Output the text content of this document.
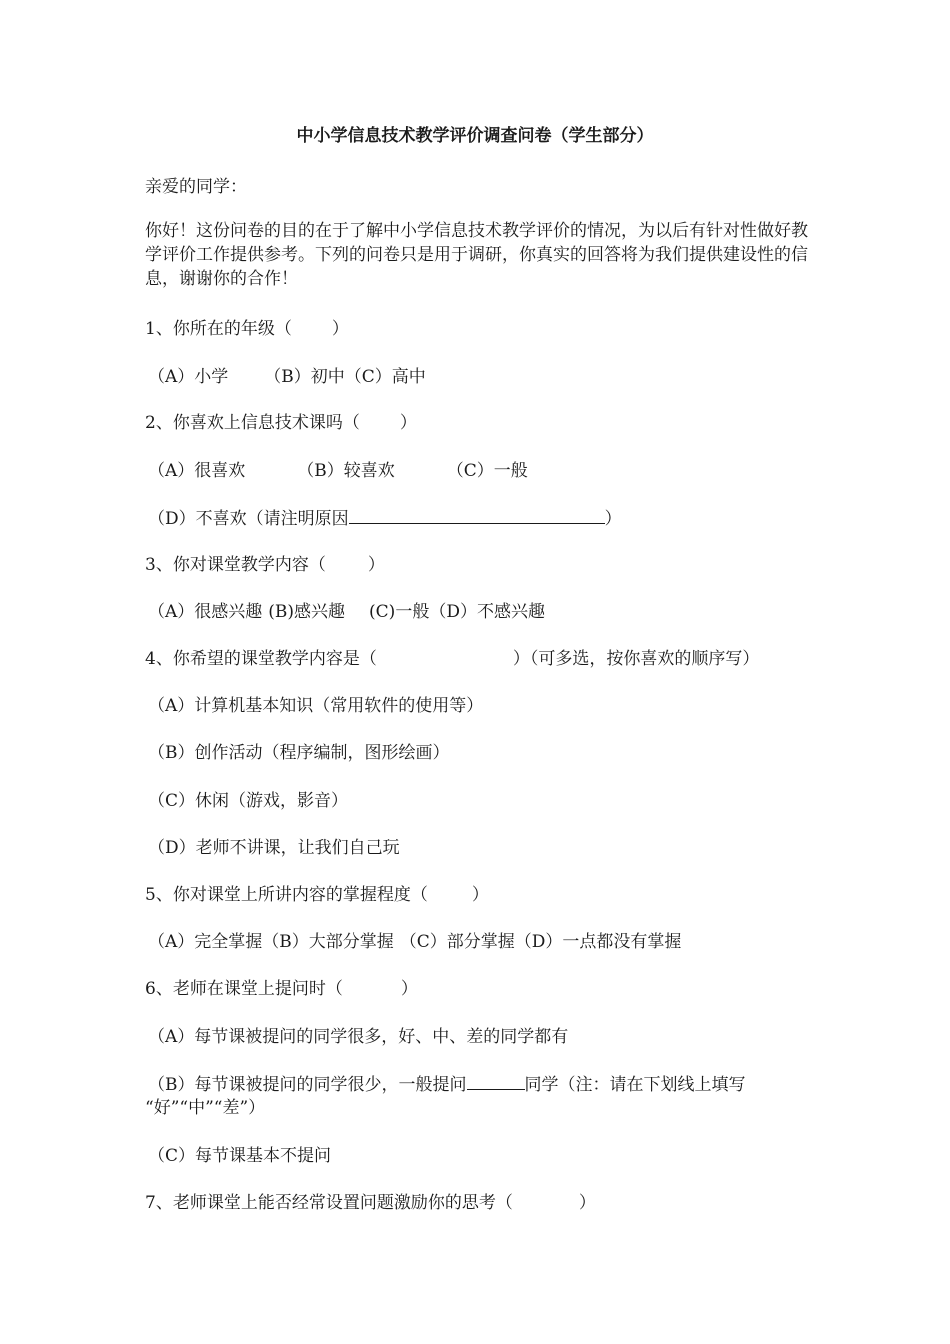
中小学信息技术教学评价调查问卷（学生部分）
亲爱的同学：
你好！这份问卷的目的在于了解中小学信息技术教学评价的情况，为以后有针对性做好教学评价工作提供参考。下列的问卷只是用于调研，你真实的回答将为我们提供建设性的信息，谢谢你的合作！
1、你所在的年级（ ）
（A）小学 （B）初中（C）高中
2、你喜欢上信息技术课吗（ ）
（A）很喜欢	（B）较喜欢	（C）一般
（D）不喜欢（请注明原因	）
3、你对课堂教学内容（ ）
（A）很感兴趣 (B)感兴趣 (C)一般（D）不感兴趣
4、你希望的课堂教学内容是（	）（可多选，按你喜欢的顺序写）
（A）计算机基本知识（常用软件的使用等）
（B）创作活动（程序编制，图形绘画）
（C）休闲（游戏，影音）
（D）老师不讲课，让我们自己玩
5、你对课堂上所讲内容的掌握程度（	）
（A）完全掌握（B）大部分掌握 （C）部分掌握（D）一点都没有掌握
6、老师在课堂上提问时（	）
（A）每节课被提问的同学很多，好、中、差的同学都有
（B）每节课被提问的同学很少，一般提问	同学（注：请在下划线上填写
“好”“中”“差”）
（C）每节课基本不提问
7、老师课堂上能否经常设置问题激励你的思考（	）
